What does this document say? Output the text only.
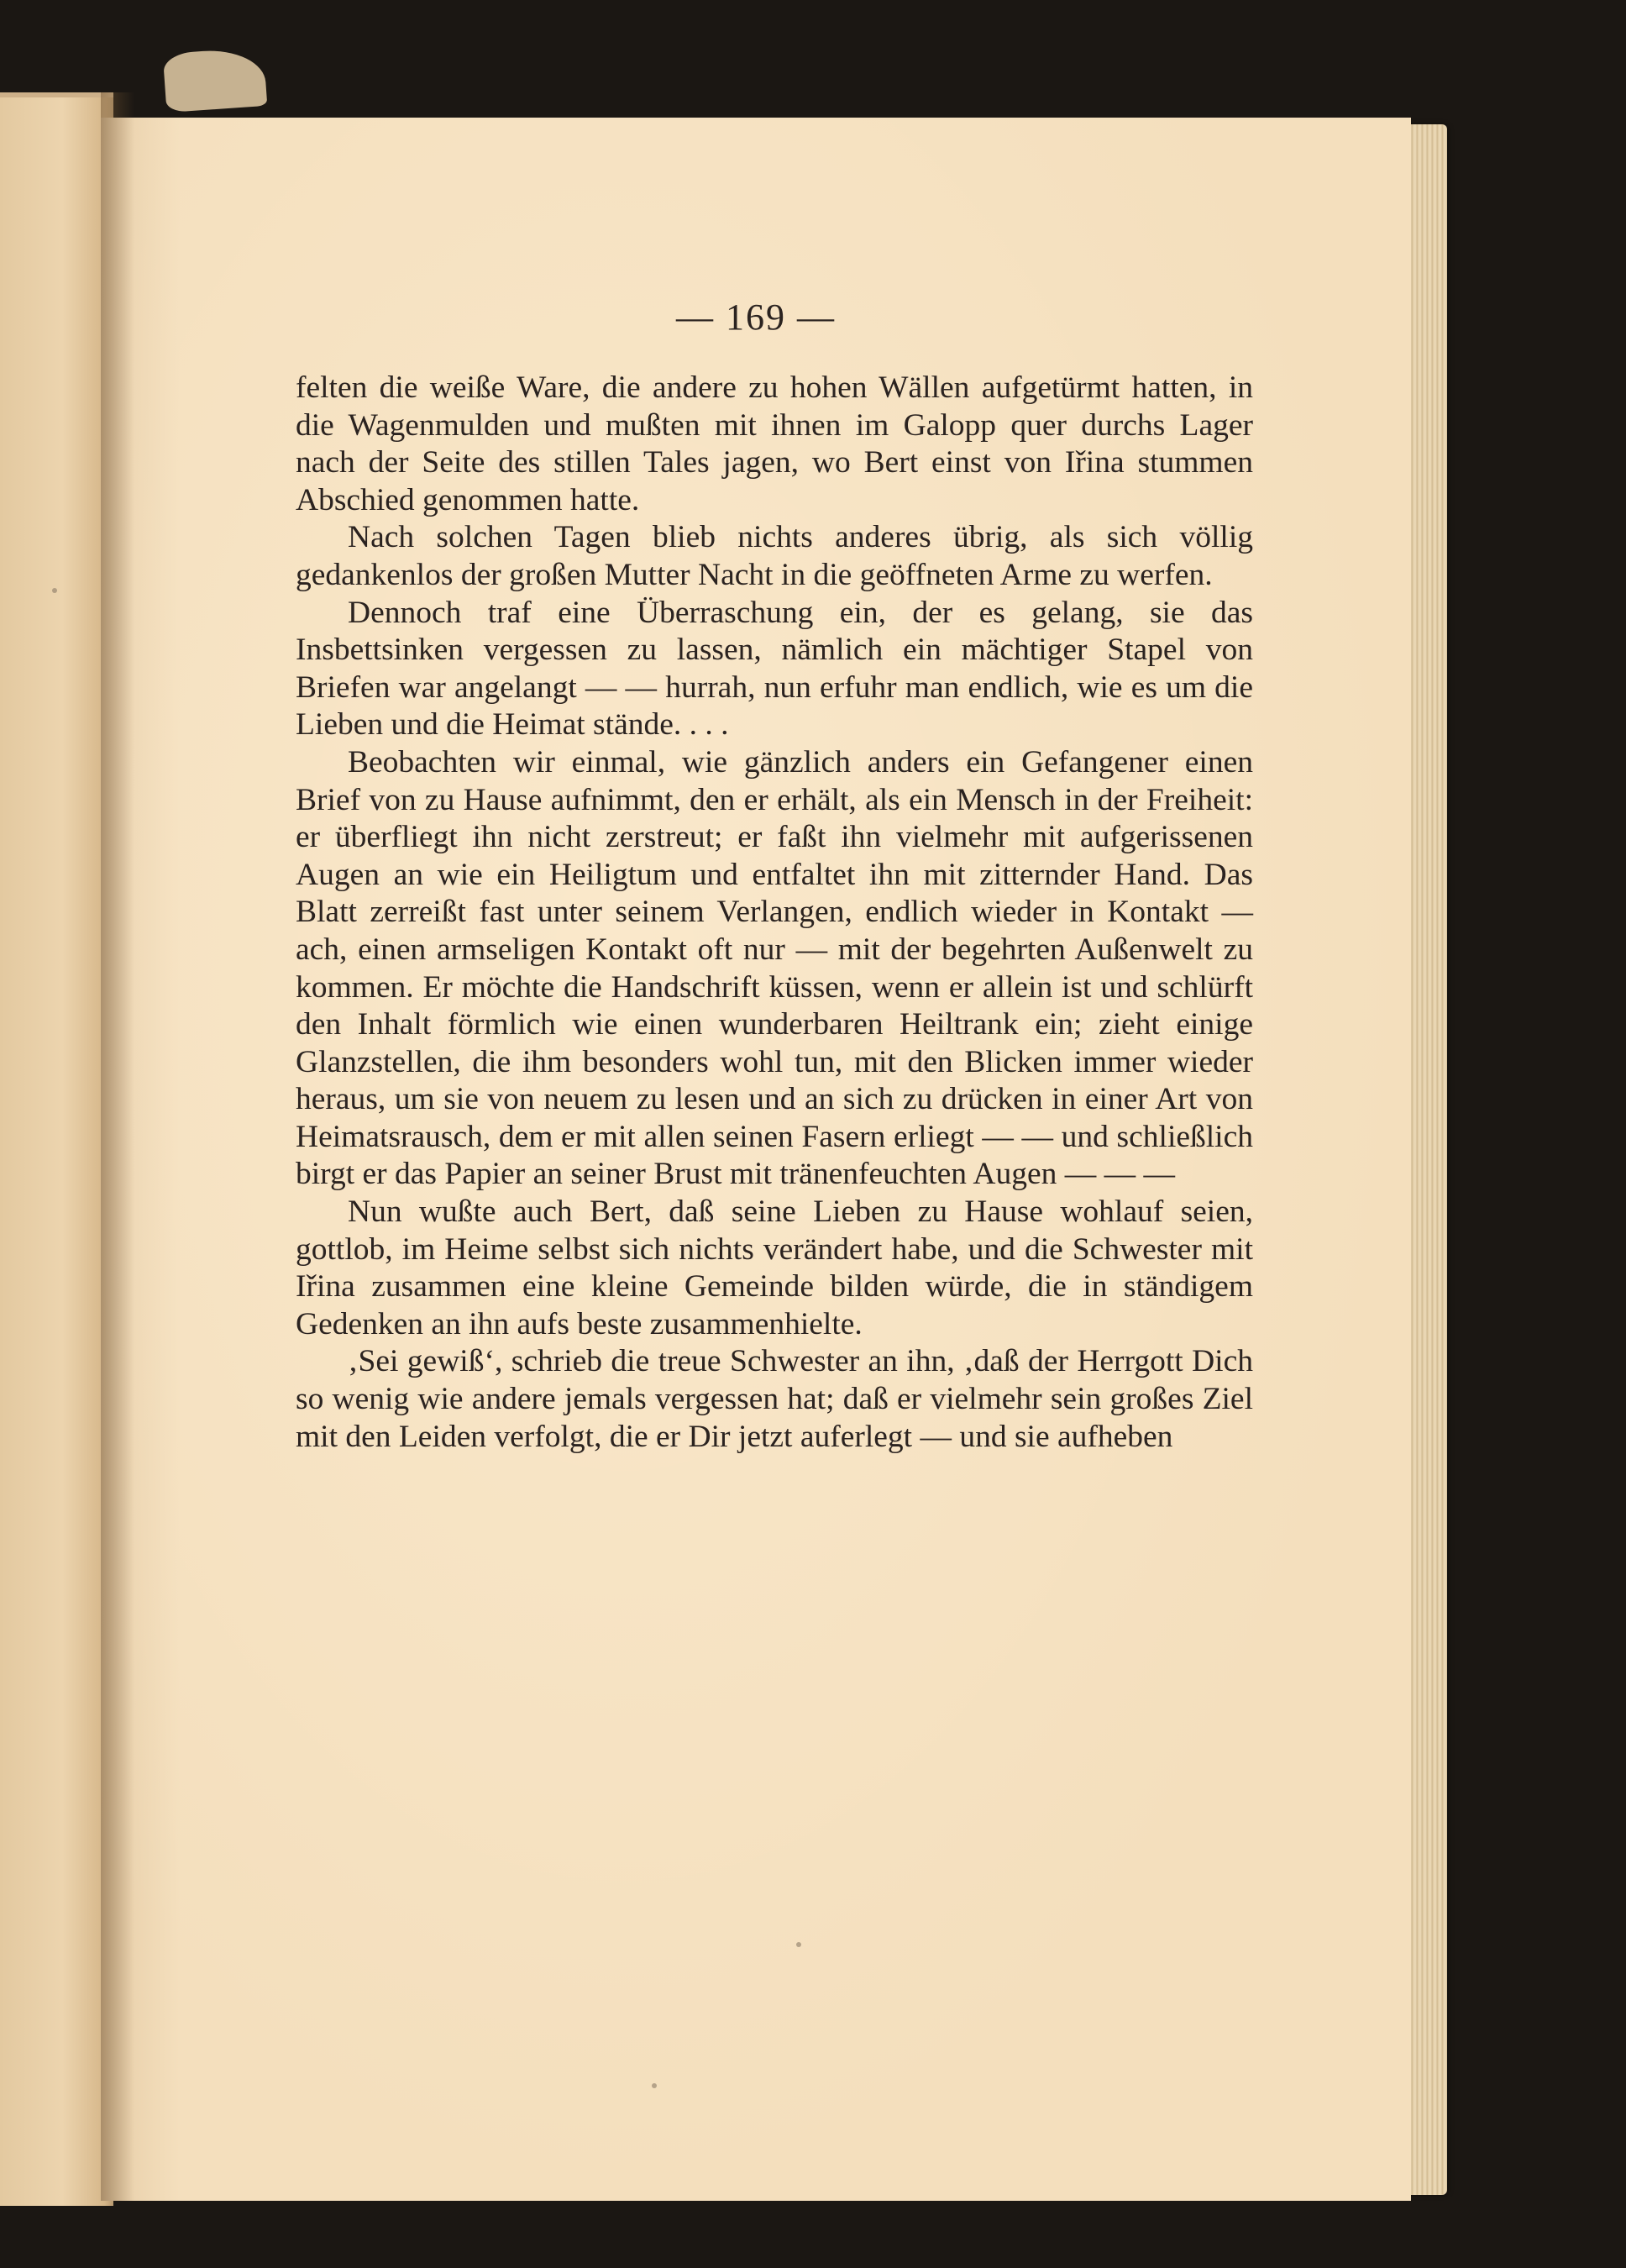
— 169 —

felten die weiße Ware, die andere zu hohen Wällen aufgetürmt hatten, in die Wagenmulden und mußten mit ihnen im Galopp quer durchs Lager nach der Seite des stillen Tales jagen, wo Bert einst von Iřina stummen Abschied genommen hatte.

Nach solchen Tagen blieb nichts anderes übrig, als sich völlig gedankenlos der großen Mutter Nacht in die geöffneten Arme zu werfen.

Dennoch traf eine Überraschung ein, der es gelang, sie das Insbettsinken vergessen zu lassen, nämlich ein mächtiger Stapel von Briefen war angelangt — — hurrah, nun erfuhr man endlich, wie es um die Lieben und die Heimat stände. . . .

Beobachten wir einmal, wie gänzlich anders ein Gefangener einen Brief von zu Hause aufnimmt, den er erhält, als ein Mensch in der Freiheit: er überfliegt ihn nicht zerstreut; er faßt ihn vielmehr mit aufgerissenen Augen an wie ein Heiligtum und entfaltet ihn mit zitternder Hand. Das Blatt zerreißt fast unter seinem Verlangen, endlich wieder in Kontakt — ach, einen armseligen Kontakt oft nur — mit der begehrten Außenwelt zu kommen. Er möchte die Handschrift küssen, wenn er allein ist und schlürft den Inhalt förmlich wie einen wunderbaren Heiltrank ein; zieht einige Glanzstellen, die ihm besonders wohl tun, mit den Blicken immer wieder heraus, um sie von neuem zu lesen und an sich zu drücken in einer Art von Heimatsrausch, dem er mit allen seinen Fasern erliegt — — und schließlich birgt er das Papier an seiner Brust mit tränenfeuchten Augen — — —

Nun wußte auch Bert, daß seine Lieben zu Hause wohlauf seien, gottlob, im Heime selbst sich nichts verändert habe, und die Schwester mit Iřina zusammen eine kleine Gemeinde bilden würde, die in ständigem Gedenken an ihn aufs beste zusammenhielte.

‚Sei gewiß‘, schrieb die treue Schwester an ihn, ‚daß der Herrgott Dich so wenig wie andere jemals vergessen hat; daß er vielmehr sein großes Ziel mit den Leiden verfolgt, die er Dir jetzt auferlegt — und sie aufheben
